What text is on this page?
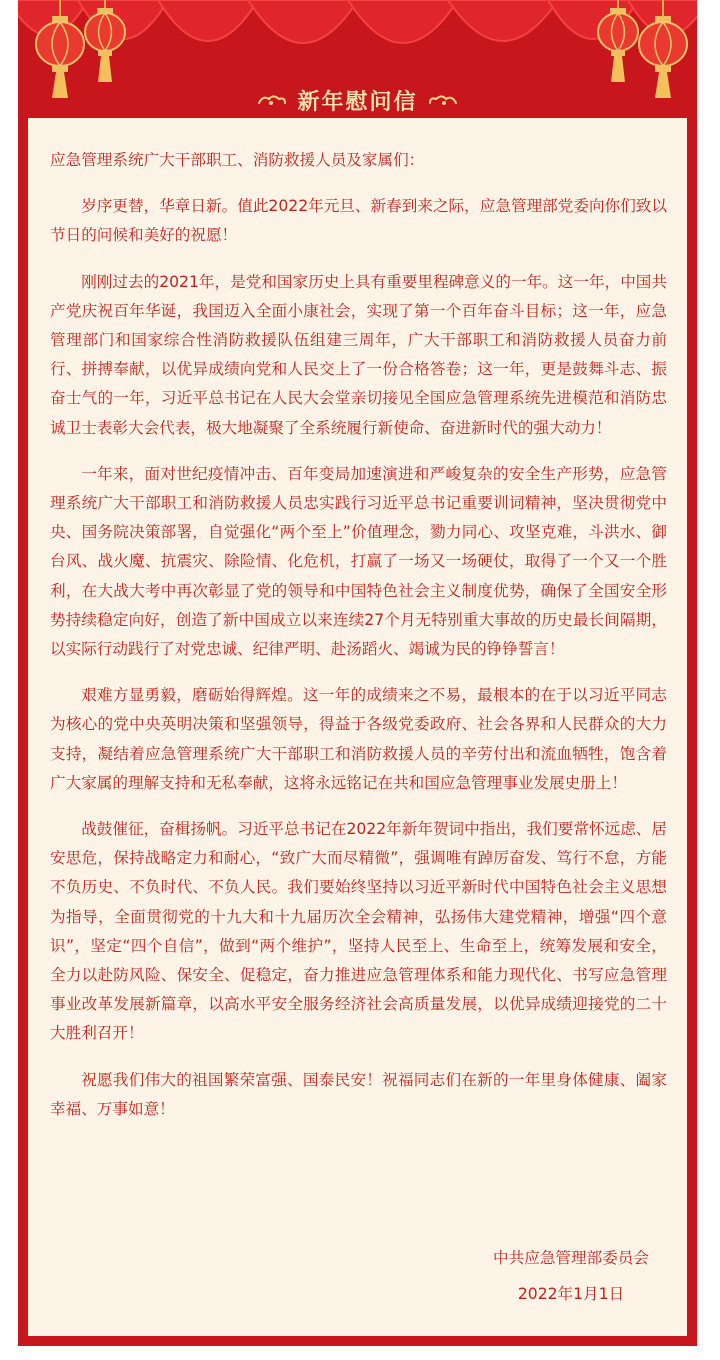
新年慰问信

应急管理系统广大干部职工、消防救援人员及家属们：

岁序更替，华章日新。值此2022年元旦、新春到来之际，应急管理部党委向你们致以节日的问候和美好的祝愿！

刚刚过去的2021年，是党和国家历史上具有重要里程碑意义的一年。这一年，中国共产党庆祝百年华诞，我国迈入全面小康社会，实现了第一个百年奋斗目标；这一年，应急管理部门和国家综合性消防救援队伍组建三周年，广大干部职工和消防救援人员奋力前行、拼搏奉献，以优异成绩向党和人民交上了一份合格答卷；这一年，更是鼓舞斗志、振奋士气的一年，习近平总书记在人民大会堂亲切接见全国应急管理系统先进模范和消防忠诚卫士表彰大会代表，极大地凝聚了全系统履行新使命、奋进新时代的强大动力！

一年来，面对世纪疫情冲击、百年变局加速演进和严峻复杂的安全生产形势，应急管理系统广大干部职工和消防救援人员忠实践行习近平总书记重要训词精神，坚决贯彻党中央、国务院决策部署，自觉强化“两个至上”价值理念，勠力同心、攻坚克难，斗洪水、御台风、战火魔、抗震灾、除险情、化危机，打赢了一场又一场硬仗，取得了一个又一个胜利，在大战大考中再次彰显了党的领导和中国特色社会主义制度优势，确保了全国安全形势持续稳定向好，创造了新中国成立以来连续27个月无特别重大事故的历史最长间隔期，以实际行动践行了对党忠诚、纪律严明、赴汤蹈火、竭诚为民的铮铮誓言！

艰难方显勇毅，磨砺始得辉煌。这一年的成绩来之不易，最根本的在于以习近平同志为核心的党中央英明决策和坚强领导，得益于各级党委政府、社会各界和人民群众的大力支持，凝结着应急管理系统广大干部职工和消防救援人员的辛劳付出和流血牺牲，饱含着广大家属的理解支持和无私奉献，这将永远铭记在共和国应急管理事业发展史册上！

战鼓催征，奋楫扬帆。习近平总书记在2022年新年贺词中指出，我们要常怀远虑、居安思危，保持战略定力和耐心，“致广大而尽精微”，强调唯有踔厉奋发、笃行不怠，方能不负历史、不负时代、不负人民。我们要始终坚持以习近平新时代中国特色社会主义思想为指导，全面贯彻党的十九大和十九届历次全会精神，弘扬伟大建党精神，增强“四个意识”，坚定“四个自信”，做到“两个维护”，坚持人民至上、生命至上，统筹发展和安全，全力以赴防风险、保安全、促稳定，奋力推进应急管理体系和能力现代化、书写应急管理事业改革发展新篇章，以高水平安全服务经济社会高质量发展，以优异成绩迎接党的二十大胜利召开！

祝愿我们伟大的祖国繁荣富强、国泰民安！祝福同志们在新的一年里身体健康、阖家幸福、万事如意！

中共应急管理部委员会
2022年1月1日
